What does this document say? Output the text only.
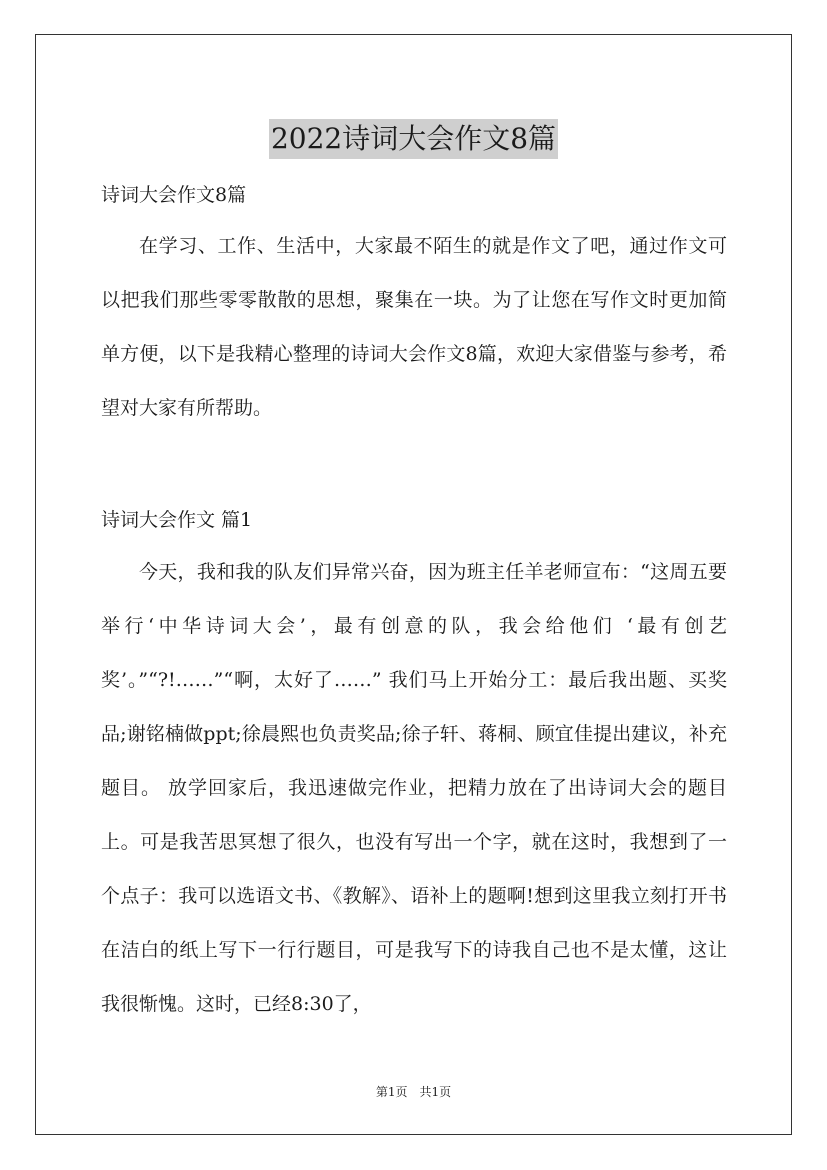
2022诗词大会作文8篇

诗词大会作文8篇

在学习、工作、生活中，大家最不陌生的就是作文了吧，通过作文可以把我们那些零零散散的思想，聚集在一块。为了让您在写作文时更加简单方便，以下是我精心整理的诗词大会作文8篇，欢迎大家借鉴与参考，希望对大家有所帮助。

诗词大会作文 篇1

今天，我和我的队友们异常兴奋，因为班主任羊老师宣布：“这周五要举行‘中华诗词大会’，最有创意的队，我会给他们 ‘最有创艺奖’。”“?!……”“啊，太好了……” 我们马上开始分工：最后我出题、买奖品;谢铭楠做ppt;徐晨熙也负责奖品;徐子轩、蒋桐、顾宜佳提出建议，补充题目。 放学回家后，我迅速做完作业，把精力放在了出诗词大会的题目上。可是我苦思冥想了很久，也没有写出一个字，就在这时，我想到了一个点子：我可以选语文书、《教解》、语补上的题啊!想到这里我立刻打开书在洁白的纸上写下一行行题目，可是我写下的诗我自己也不是太懂，这让我很惭愧。这时，已经8:30了，

第1页　共1页
